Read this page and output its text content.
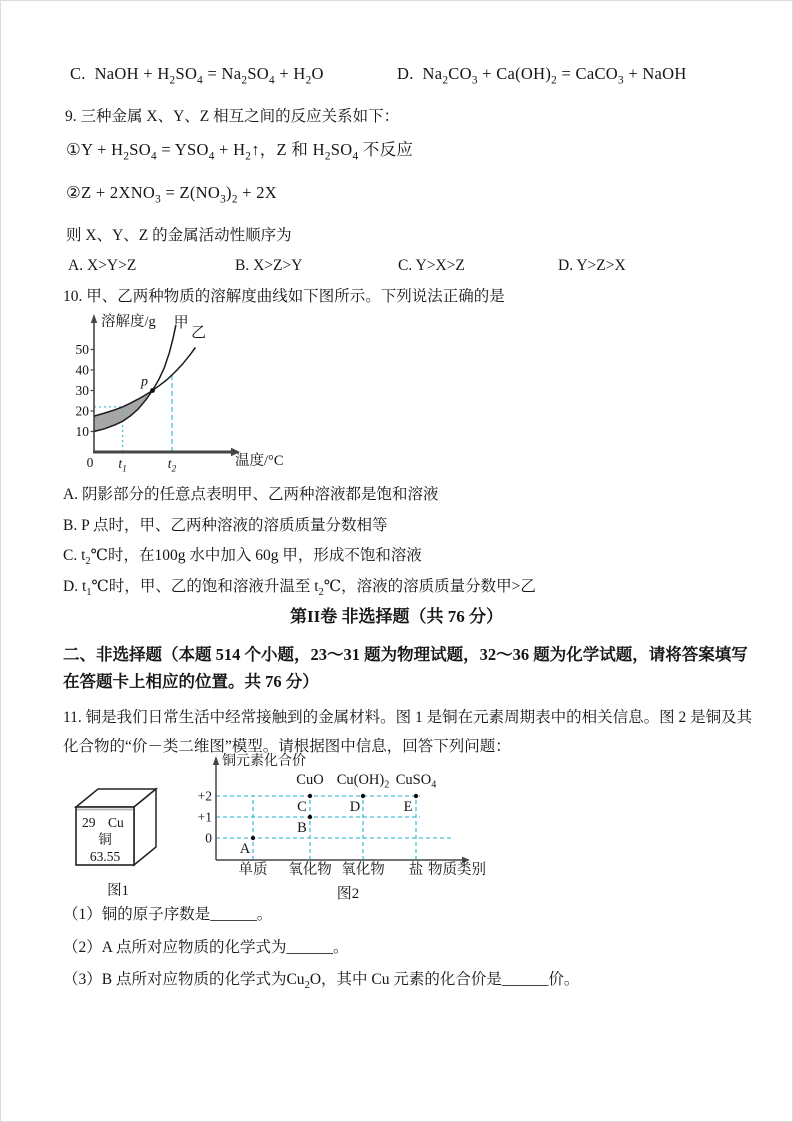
C. NaOH + $H_2SO_4 = Na_2SO_4 + H_2O$	D. $Na_2CO_3 + Ca(OH)_2$ = CaCO$_3$ + NaOH
9. 三种金属 X、Y、Z 相互之间的反应关系如下：
①Y + $H_2SO_4 = YSO_4$ + $H_2↑$，Z 和 $H_2SO_4$ 不反应
②Z + $2XNO_3 = Z(NO_3)_2 + 2X$
则 X、Y、Z 的金属活动性顺序为
A. X>Y>Z	B. X>Z>Y	C. Y>X>Z	D. Y>Z>X
10. 甲、乙两种物质的溶解度曲线如下图所示。下列说法正确的是
甲
乙
p
10
20
30
40
50
0 $t_1$	$t_2$
溶解度/g
温度/°C
A. 阴影部分的任意点表明甲、乙两种溶液都是饱和溶液
B. P 点时，甲、乙两种溶液的溶质质量分数相等
C. $t_2℃$时，在100g 水中加入 60g 甲，形成不饱和溶液
D. $t_1℃$时，甲、乙的饱和溶液升温至 $t_2℃$，溶液的溶质质量分数甲>乙
第II卷 非选择题（共 76 分）
二、非选择题（本题 514 个小题，23～31 题为物理试题，32～36 题为化学试题，请将答案填写在答题卡上相应的位置。共 76 分）
11. 铜是我们日常生活中经常接触到的金属材料。图 1 是铜在元素周期表中的相关信息。图 2 是铜及其化合物的“价－类二维图”模型。请根据图中信息，回答下列问题：
29 Cu
铜
63.55
图1
铜元素化合价
+2
+1
0
A
B
C
CuO
D
$Cu(OH)_2$
E
CuSO$_4$
单质 氧化物 氧化物 盐 物质类别
图2
（1）铜的原子序数是______。
（2）A 点所对应物质的化学式为______。
（3）B 点所对应物质的化学式为$Cu_2O$，其中 Cu 元素的化合价是______价。
